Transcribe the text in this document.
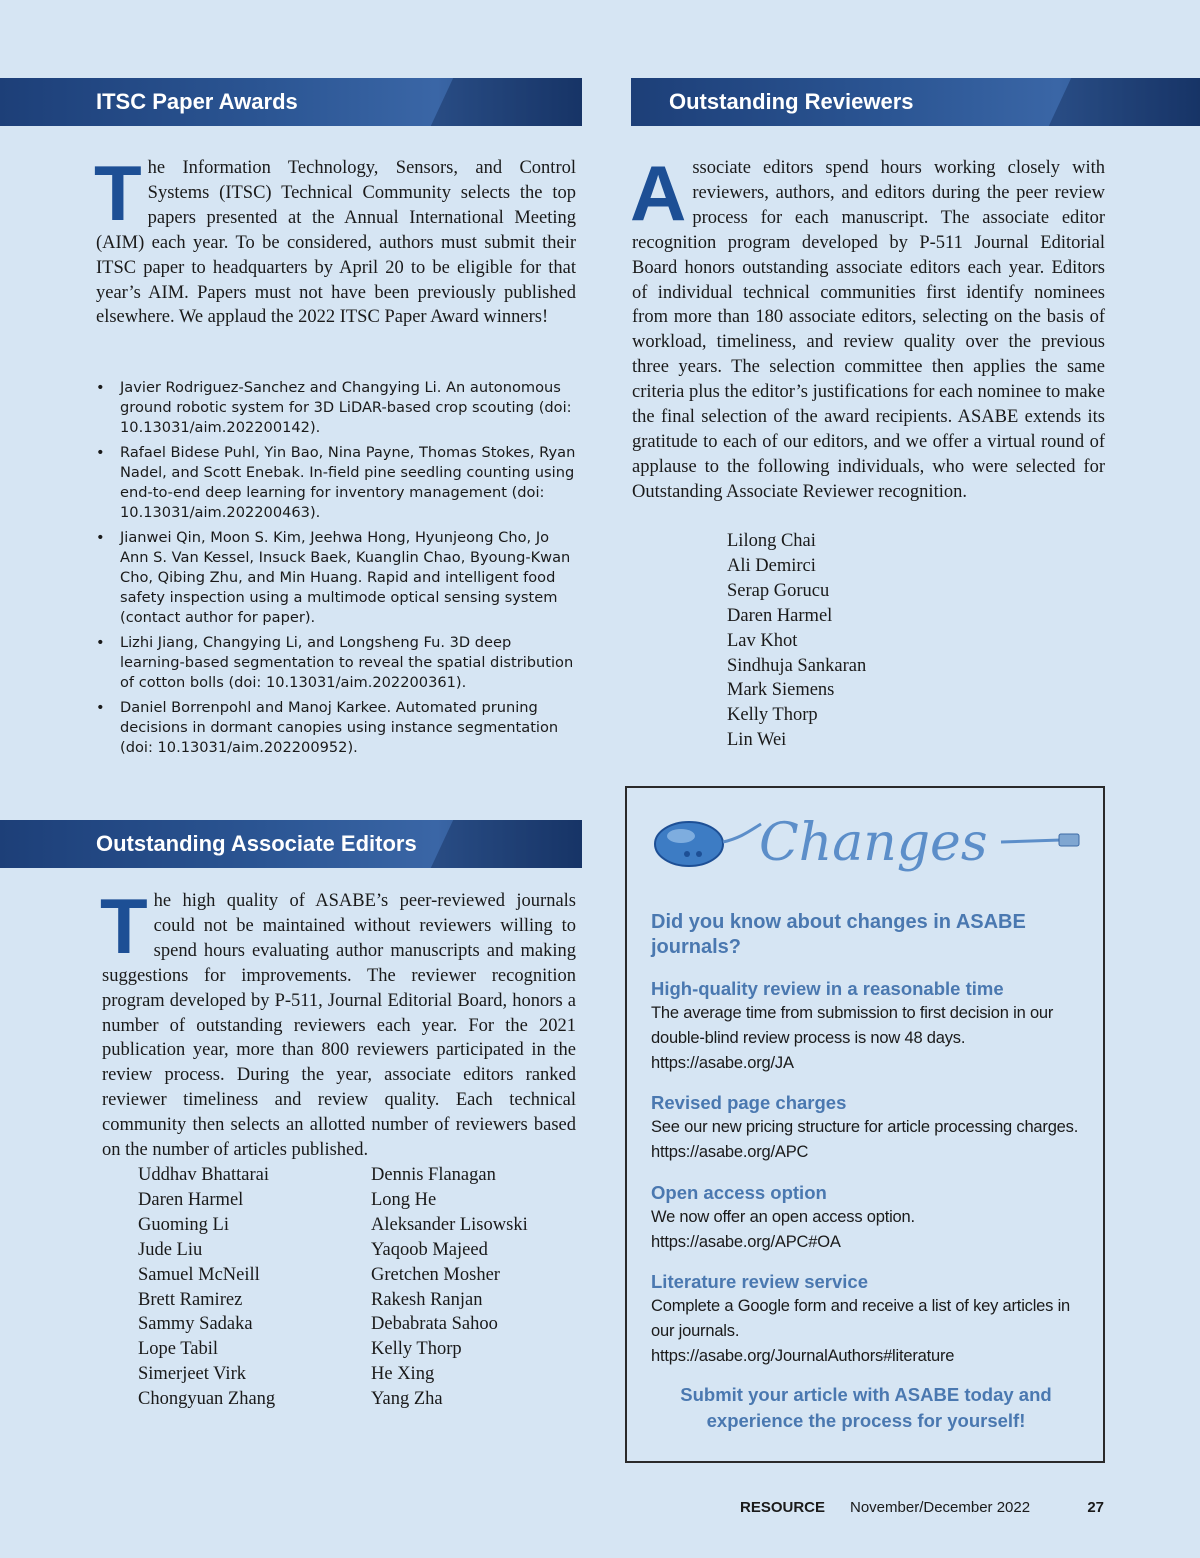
ITSC Paper Awards
T he Information Technology, Sensors, and Control Systems (ITSC) Technical Community selects the top papers presented at the Annual International Meeting (AIM) each year. To be considered, authors must submit their ITSC paper to headquarters by April 20 to be eligible for that year’s AIM. Papers must not have been previously published elsewhere. We applaud the 2022 ITSC Paper Award winners!
• Javier Rodriguez-Sanchez and Changying Li. An autonomous ground robotic system for 3D LiDAR-based crop scouting (doi: 10.13031/aim.202200142).
• Rafael Bidese Puhl, Yin Bao, Nina Payne, Thomas Stokes, Ryan Nadel, and Scott Enebak. In-field pine seedling counting using end-to-end deep learning for inventory management (doi: 10.13031/aim.202200463).
• Jianwei Qin, Moon S. Kim, Jeehwa Hong, Hyunjeong Cho, Jo Ann S. Van Kessel, Insuck Baek, Kuanglin Chao, Byoung-Kwan Cho, Qibing Zhu, and Min Huang. Rapid and intelligent food safety inspection using a multimode optical sensing system (contact author for paper).
• Lizhi Jiang, Changying Li, and Longsheng Fu. 3D deep learning-based segmentation to reveal the spatial distribution of cotton bolls (doi: 10.13031/aim.202200361).
• Daniel Borrenpohl and Manoj Karkee. Automated pruning decisions in dormant canopies using instance segmentation (doi: 10.13031/aim.202200952).
Outstanding Associate Editors
T he high quality of ASABE’s peer-reviewed journals could not be maintained without reviewers willing to spend hours evaluating author manuscripts and making suggestions for improvements. The reviewer recognition program developed by P-511, Journal Editorial Board, honors a number of outstanding reviewers each year. For the 2021 publication year, more than 800 reviewers participated in the review process. During the year, associate editors ranked reviewer timeliness and review quality. Each technical community then selects an allotted number of reviewers based on the number of articles published.
Uddhav Bhattarai
Daren Harmel
Guoming Li
Jude Liu
Samuel McNeill
Brett Ramirez
Sammy Sadaka
Lope Tabil
Simerjeet Virk
Chongyuan Zhang
Dennis Flanagan
Long He
Aleksander Lisowski
Yaqoob Majeed
Gretchen Mosher
Rakesh Ranjan
Debabrata Sahoo
Kelly Thorp
He Xing
Yang Zha
Outstanding Reviewers
A ssociate editors spend hours working closely with reviewers, authors, and editors during the peer review process for each manuscript. The associate editor recognition program developed by P-511 Journal Editorial Board honors outstanding associate editors each year. Editors of individual technical communities first identify nominees from more than 180 associate editors, selecting on the basis of workload, timeliness, and review quality over the previous three years. The selection committee then applies the same criteria plus the editor’s justifications for each nominee to make the final selection of the award recipients. ASABE extends its gratitude to each of our editors, and we offer a virtual round of applause to the following individuals, who were selected for Outstanding Associate Reviewer recognition.
Lilong Chai
Ali Demirci
Serap Gorucu
Daren Harmel
Lav Khot
Sindhuja Sankaran
Mark Siemens
Kelly Thorp
Lin Wei
Changes
Did you know about changes in ASABE journals?
High-quality review in a reasonable time
The average time from submission to first decision in our double-blind review process is now 48 days.
https://asabe.org/JA
Revised page charges
See our new pricing structure for article processing charges. https://asabe.org/APC
Open access option
We now offer an open access option.
https://asabe.org/APC#OA
Literature review service
Complete a Google form and receive a list of key articles in our journals.
https://asabe.org/JournalAuthors#literature
Submit your article with ASABE today and experience the process for yourself!
RESOURCE November/December 2022	27
